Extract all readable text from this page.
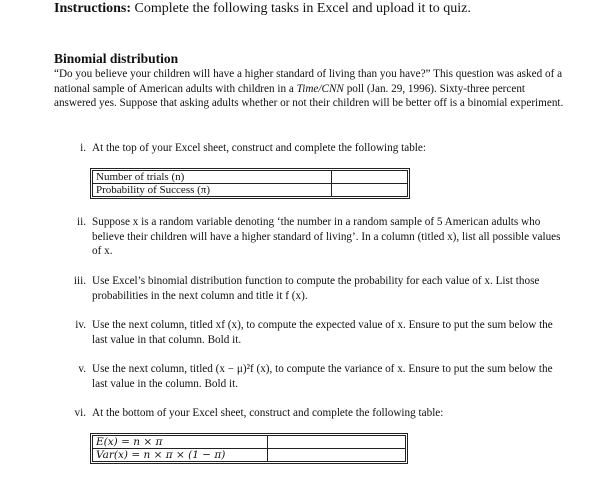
Instructions: Complete the following tasks in Excel and upload it to quiz.
Binomial distribution
“Do you believe your children will have a higher standard of living than you have?” This question was asked of a national sample of American adults with children in a Time/CNN poll (Jan. 29, 1996). Sixty-three percent answered yes. Suppose that asking adults whether or not their children will be better off is a binomial experiment.
i. At the top of your Excel sheet, construct and complete the following table:
Number of trials (n)	
Probability of Success (π)	
ii. Suppose x is a random variable denoting ‘the number in a random sample of 5 American adults who believe their children will have a higher standard of living’. In a column (titled x), list all possible values of x.
iii. Use Excel’s binomial distribution function to compute the probability for each value of x. List those probabilities in the next column and title it f (x).
iv. Use the next column, titled xf (x), to compute the expected value of x. Ensure to put the sum below the last value in that column. Bold it.
v. Use the next column, titled (x − μ)²f (x), to compute the variance of x. Ensure to put the sum below the last value in the column. Bold it.
vi. At the bottom of your Excel sheet, construct and complete the following table:
E(x) = n × π	
Var(x) = n × π × (1 − π)	
